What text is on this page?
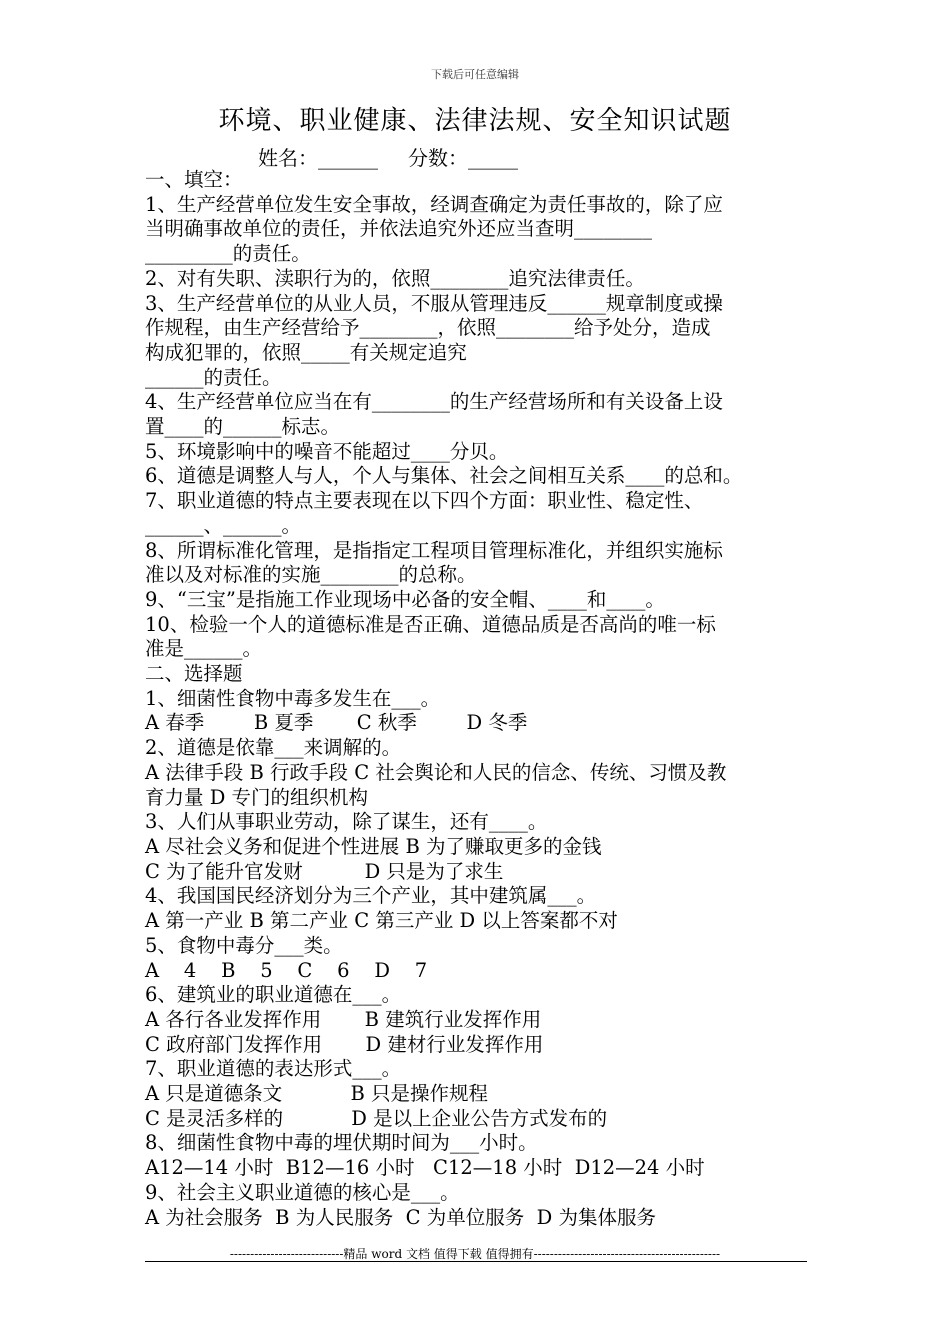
下载后可任意编辑
环境、职业健康、法律法规、安全知识试题
姓名：______ 分数：_____

一、填空：

1、生产经营单位发生安全事故，经调查确定为责任事故的，除了应

当明确事故单位的责任，并依法追究外还应当查明________

_________的责任。

2、对有失职、渎职行为的，依照________追究法律责任。

3、生产经营单位的从业人员，不服从管理违反______规章制度或操

作规程，由生产经营给予________，依照________给予处分，造成

构成犯罪的，依照_____有关规定追究

______的责任。

4、生产经营单位应当在有________的生产经营场所和有关设备上设

置____的______标志。

5、环境影响中的噪音不能超过____分贝。

6、道德是调整人与人，个人与集体、社会之间相互关系____的总和。

7、职业道德的特点主要表现在以下四个方面：职业性、稳定性、

______、______。

8、所谓标准化管理，是指指定工程项目管理标准化，并组织实施标

准以及对标准的实施________的总称。

9、“三宝”是指施工作业现场中必备的安全帽、____和____。

10、检验一个人的道德标准是否正确、道德品质是否高尚的唯一标

准是______。

二、选择题

1、细菌性食物中毒多发生在___。

A 春季        B 夏季       C 秋季        D 冬季

2、道德是依靠___来调解的。

A 法律手段 B 行政手段 C 社会舆论和人民的信念、传统、习惯及教

育力量 D 专门的组织机构

3、人们从事职业劳动，除了谋生，还有____。

A 尽社会义务和促进个性进展 B 为了赚取更多的金钱

C 为了能升官发财          D 只是为了求生

4、我国国民经济划分为三个产业，其中建筑属___。

A 第一产业 B 第二产业 C 第三产业 D 以上答案都不对

5、食物中毒分___类。

A    4    B    5    C    6    D    7

6、建筑业的职业道德在___。

A 各行各业发挥作用       B 建筑行业发挥作用

C 政府部门发挥作用       D 建材行业发挥作用

7、职业道德的表达形式___。

A 只是道德条文           B 只是操作规程

C 是灵活多样的           D 是以上企业公告方式发布的

8、细菌性食物中毒的埋伏期时间为___小时。

A12—14 小时  B12—16 小时   C12—18 小时  D12—24 小时

9、社会主义职业道德的核心是___。

A 为社会服务  B 为人民服务  C 为单位服务  D 为集体服务

----------------------------精品 word 文档 值得下载 值得拥有----------------------------------------------
